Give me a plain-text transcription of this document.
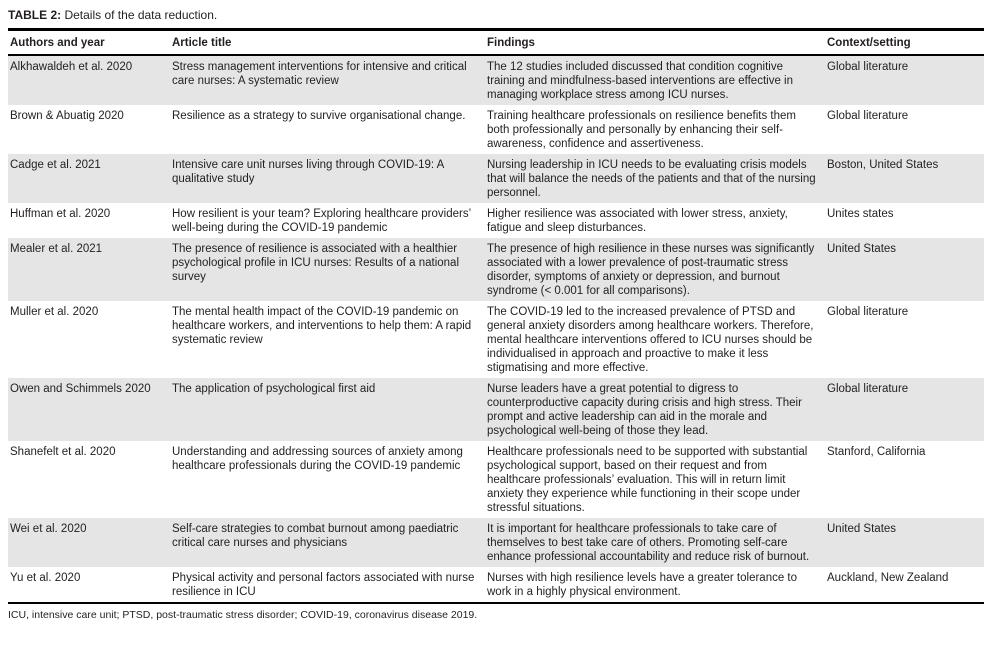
TABLE 2: Details of the data reduction.
Authors and year	Article title	Findings	Context/setting
Alkhawaldeh et al. 2020	Stress management interventions for intensive and critical care nurses: A systematic review	The 12 studies included discussed that condition cognitive training and mindfulness-based interventions are effective in managing workplace stress among ICU nurses.	Global literature
Brown & Abuatig 2020	Resilience as a strategy to survive organisational change.	Training healthcare professionals on resilience benefits them both professionally and personally by enhancing their self-awareness, confidence and assertiveness.	Global literature
Cadge et al. 2021	Intensive care unit nurses living through COVID-19: A qualitative study	Nursing leadership in ICU needs to be evaluating crisis models that will balance the needs of the patients and that of the nursing personnel.	Boston, United States
Huffman et al. 2020	How resilient is your team? Exploring healthcare providers’ well-being during the COVID-19 pandemic	Higher resilience was associated with lower stress, anxiety, fatigue and sleep disturbances.	Unites states
Mealer et al. 2021	The presence of resilience is associated with a healthier psychological profile in ICU nurses: Results of a national survey	The presence of high resilience in these nurses was significantly associated with a lower prevalence of post-traumatic stress disorder, symptoms of anxiety or depression, and burnout syndrome (< 0.001 for all comparisons).	United States
Muller et al. 2020	The mental health impact of the COVID-19 pandemic on healthcare workers, and interventions to help them: A rapid systematic review	The COVID-19 led to the increased prevalence of PTSD and general anxiety disorders among healthcare workers. Therefore, mental healthcare interventions offered to ICU nurses should be individualised in approach and proactive to make it less stigmatising and more effective.	Global literature
Owen and Schimmels 2020	The application of psychological first aid	Nurse leaders have a great potential to digress to counterproductive capacity during crisis and high stress. Their prompt and active leadership can aid in the morale and psychological well-being of those they lead.	Global literature
Shanefelt et al. 2020	Understanding and addressing sources of anxiety among healthcare professionals during the COVID-19 pandemic	Healthcare professionals need to be supported with substantial psychological support, based on their request and from healthcare professionals’ evaluation. This will in return limit anxiety they experience while functioning in their scope under stressful situations.	Stanford, California
Wei et al. 2020	Self-care strategies to combat burnout among paediatric critical care nurses and physicians	It is important for healthcare professionals to take care of themselves to best take care of others. Promoting self-care enhance professional accountability and reduce risk of burnout.	United States
Yu et al. 2020	Physical activity and personal factors associated with nurse resilience in ICU	Nurses with high resilience levels have a greater tolerance to work in a highly physical environment.	Auckland, New Zealand
ICU, intensive care unit; PTSD, post-traumatic stress disorder; COVID-19, coronavirus disease 2019.
